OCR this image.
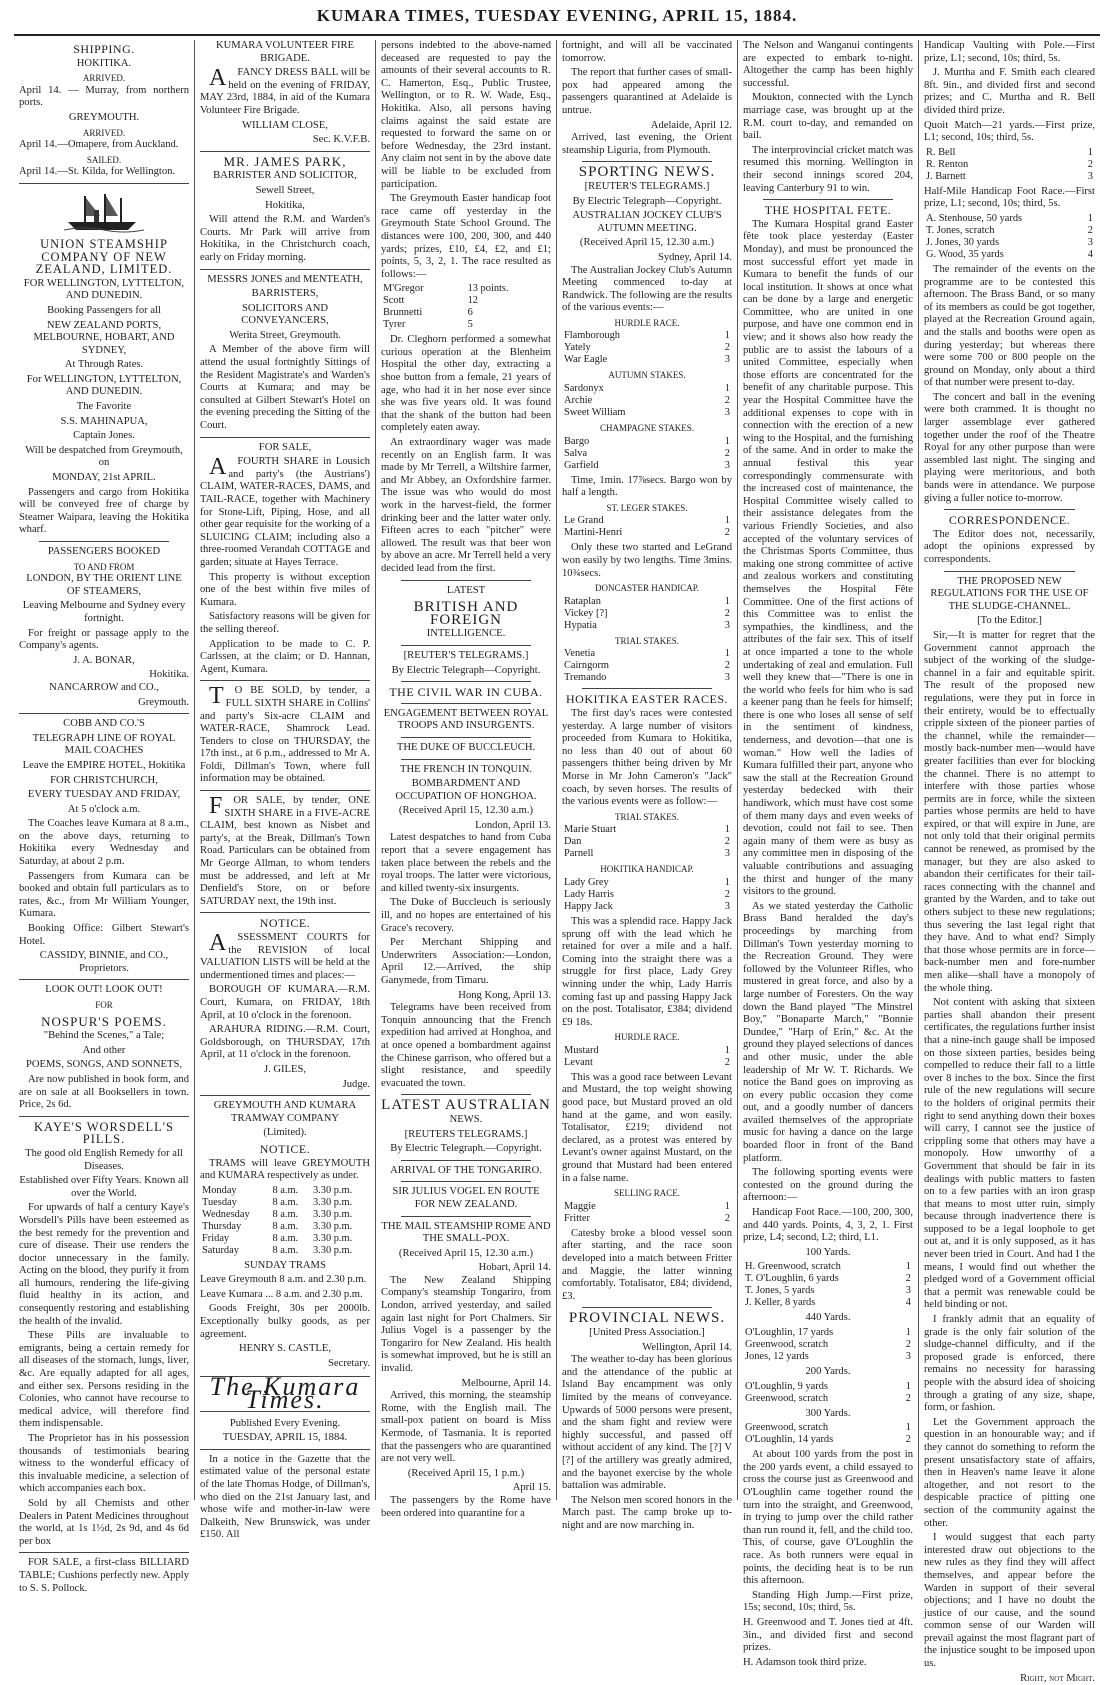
KUMARA TIMES, TUESDAY EVENING, APRIL 15, 1884.
SHIPPING.
HOKITIKA.
ARRIVED.

April 14. — Murray, from northern ports.

GREYMOUTH.
ARRIVED.

April 14.—Omapere, from Auckland.

SAILED.

April 14.—St. Kilda, for Wellington.

UNION STEAMSHIP COMPANY OF NEW ZEALAND, LIMITED.
FOR WELLINGTON, LYTTELTON, AND DUNEDIN.
Booking Passengers for all
NEW ZEALAND PORTS, MELBOURNE, HOBART, AND SYDNEY,
At Through Rates.
For WELLINGTON, LYTTELTON, AND DUNEDIN.
The Favorite
S.S. MAHINAPUA,
Captain Jones.
Will be despatched from Greymouth, on
MONDAY, 21st APRIL.

Passengers and cargo from Hokitika will be conveyed free of charge by Steamer Waipara, leaving the Hokitika wharf.

PASSENGERS BOOKED
TO AND FROM
LONDON, BY THE ORIENT LINE OF STEAMERS,
Leaving Melbourne and Sydney every fortnight.

For freight or passage apply to the Company's agents.

J. A. BONAR,
Hokitika.
NANCARROW and CO.,
Greymouth.
COBB AND CO.'S
TELEGRAPH LINE OF ROYAL MAIL COACHES
Leave the EMPIRE HOTEL, Hokitika
FOR CHRISTCHURCH,
EVERY TUESDAY AND FRIDAY,
At 5 o'clock a.m.

The Coaches leave Kumara at 8 a.m., on the above days, returning to Hokitika every Wednesday and Saturday, at about 2 p.m.

Passengers from Kumara can be booked and obtain full particulars as to rates, &c., from Mr William Younger, Kumara.

Booking Office: Gilbert Stewart's Hotel.

CASSIDY, BINNIE, and CO., Proprietors.
LOOK OUT! LOOK OUT!
FOR
NOSPUR'S POEMS.
"Behind the Scenes," a Tale;
And other
POEMS, SONGS, AND SONNETS,

Are now published in book form, and are on sale at all Booksellers in town. Price, 2s 6d.

KAYE'S WORSDELL'S PILLS.
The good old English Remedy for all Diseases.
Established over Fifty Years. Known all over the World.

For upwards of half a century Kaye's Worsdell's Pills have been esteemed as the best remedy for the prevention and cure of disease. Their use renders the doctor unnecessary in the family. Acting on the blood, they purify it from all humours, rendering the life-giving fluid healthy in its action, and consequently restoring and establishing the health of the invalid.

These Pills are invaluable to emigrants, being a certain remedy for all diseases of the stomach, lungs, liver, &c. Are equally adapted for all ages, and either sex. Persons residing in the Colonies, who cannot have recourse to medical advice, will therefore find them indispensable.

The Proprietor has in his possession thousands of testimonials bearing witness to the wonderful efficacy of this invaluable medicine, a selection of which accompanies each box.

Sold by all Chemists and other Dealers in Patent Medicines throughout the world, at 1s 1½d, 2s 9d, and 4s 6d per box

FOR SALE, a first-class BILLIARD TABLE; Cushions perfectly new. Apply to S. S. Pollock.

KUMARA VOLUNTEER FIRE BRIGADE.

AFANCY DRESS BALL will be held on the evening of FRIDAY, MAY 23rd, 1884, in aid of the Kumara Volunteer Fire Brigade.

WILLIAM CLOSE,
Sec. K.V.F.B.
MR. JAMES PARK,
BARRISTER AND SOLICITOR,
Sewell Street,
Hokitika,

Will attend the R.M. and Warden's Courts. Mr Park will arrive from Hokitika, in the Christchurch coach, early on Friday morning.

MESSRS JONES and MENTEATH,
BARRISTERS,
SOLICITORS AND CONVEYANCERS,
Werita Street, Greymouth.

A Member of the above firm will attend the usual fortnightly Sittings of the Resident Magistrate's and Warden's Courts at Kumara; and may be consulted at Gilbert Stewart's Hotel on the evening preceding the Sitting of the Court.

FOR SALE,

AFOURTH SHARE in Lousich and party's (the Austrians') CLAIM, WATER-RACES, DAMS, and TAIL-RACE, together with Machinery for Stone-Lift, Piping, Hose, and all other gear requisite for the working of a SLUICING CLAIM; including also a three-roomed Verandah COTTAGE and garden; situate at Hayes Terrace.

This property is without exception one of the best within five miles of Kumara.

Satisfactory reasons will be given for the selling thereof.

Application to be made to C. P. Carlssen, at the claim; or D. Hannan, Agent, Kumara.

TO BE SOLD, by tender, a FULL SIXTH SHARE in Collins' and party's Six-acre CLAIM and WATER-RACE, Shamrock Lead. Tenders to close on THURSDAY, the 17th inst., at 6 p.m., addressed to Mr A. Foldi, Dillman's Town, where full information may be obtained.

FOR SALE, by tender, ONE SIXTH SHARE in a FIVE-ACRE CLAIM, best known as Nisbet and party's, at the Break, Dillman's Town Road. Particulars can be obtained from Mr George Allman, to whom tenders must be addressed, and left at Mr Denfield's Store, on or before SATURDAY next, the 19th inst.

NOTICE.

ASSESSMENT COURTS for the REVISION of local VALUATION LISTS will be held at the undermentioned times and places:—

BOROUGH OF KUMARA.—R.M. Court, Kumara, on FRIDAY, 18th April, at 10 o'clock in the forenoon.

ARAHURA RIDING.—R.M. Court, Goldsborough, on THURSDAY, 17th April, at 11 o'clock in the forenoon.

J. GILES,
Judge.
GREYMOUTH AND KUMARA TRAMWAY COMPANY
(Limited).
NOTICE.

TRAMS will leave GREYMOUTH and KUMARA respectively as under.

Monday	8 a.m.	3.30 p.m.
Tuesday	8 a.m.	3.30 p.m.
Wednesday	8 a.m.	3.30 p.m.
Thursday	8 a.m.	3.30 p.m.
Friday	8 a.m.	3.30 p.m.
Saturday	8 a.m.	3.30 p.m.
SUNDAY TRAMS

Leave Greymouth 8 a.m. and 2.30 p.m.

Leave Kumara ... 8 a.m. and 2.30 p.m.

Goods Freight, 30s per 2000lb. Exceptionally bulky goods, as per agreement.

HENRY S. CASTLE,
Secretary.
The Kumara Times.
Published Every Evening.
TUESDAY, APRIL 15, 1884.

In a notice in the Gazette that the estimated value of the personal estate of the late Thomas Hodge, of Dillman's, who died on the 21st January last, and whose wife and mother-in-law were Dalkeith, New Brunswick, was under £150. All

persons indebted to the above-named deceased are requested to pay the amounts of their several accounts to R. C. Hamerton, Esq., Public Trustee, Wellington, or to R. W. Wade, Esq., Hokitika. Also, all persons having claims against the said estate are requested to forward the same on or before Wednesday, the 23rd instant. Any claim not sent in by the above date will be liable to be excluded from participation.

The Greymouth Easter handicap foot race came off yesterday in the Greymouth State School Ground. The distances were 100, 200, 300, and 440 yards; prizes, £10, £4, £2, and £1; points, 5, 3, 2, 1. The race resulted as follows:—

M'Gregor	13 points.
Scott	12
Brunnetti	6
Tyrer	5

Dr. Cleghorn performed a somewhat curious operation at the Blenheim Hospital the other day, extracting a shoe button from a female, 21 years of age, who had it in her nose ever since she was five years old. It was found that the shank of the button had been completely eaten away.

An extraordinary wager was made recently on an English farm. It was made by Mr Terrell, a Wiltshire farmer, and Mr Abbey, an Oxfordshire farmer. The issue was who would do most work in the harvest-field, the former drinking beer and the latter water only. Fifteen acres to each "pitcher" were allowed. The result was that beer won by above an acre. Mr Terrell held a very decided lead from the first.

LATEST
BRITISH AND FOREIGN
INTELLIGENCE.
[REUTER'S TELEGRAMS.]
By Electric Telegraph—Copyright.
THE CIVIL WAR IN CUBA.
ENGAGEMENT BETWEEN ROYAL TROOPS AND INSURGENTS.
THE DUKE OF BUCCLEUCH.
THE FRENCH IN TONQUIN.
BOMBARDMENT AND OCCUPATION OF HONGHOA.
(Received April 15, 12.30 a.m.)
London, April 13.

Latest despatches to hand from Cuba report that a severe engagement has taken place between the rebels and the royal troops. The latter were victorious, and killed twenty-six insurgents.

The Duke of Buccleuch is seriously ill, and no hopes are entertained of his Grace's recovery.

Per Merchant Shipping and Underwriters Association:—London, April 12.—Arrived, the ship Ganymede, from Timaru.

Hong Kong, April 13.

Telegrams have been received from Tonquin announcing that the French expedition had arrived at Honghoa, and at once opened a bombardment against the Chinese garrison, who offered but a slight resistance, and speedily evacuated the town.

LATEST AUSTRALIAN
NEWS.
[REUTERS TELEGRAMS.]
By Electric Telegraph.—Copyright.
ARRIVAL OF THE TONGARIRO.
SIR JULIUS VOGEL EN ROUTE FOR NEW ZEALAND.
THE MAIL STEAMSHIP ROME AND THE SMALL-POX.
(Received April 15, 12.30 a.m.)
Hobart, April 14.

The New Zealand Shipping Company's steamship Tongariro, from London, arrived yesterday, and sailed again last night for Port Chalmers. Sir Julius Vogel is a passenger by the Tongariro for New Zealand. His health is somewhat improved, but he is still an invalid.

Melbourne, April 14.

Arrived, this morning, the steamship Rome, with the English mail. The small-pox patient on board is Miss Kermode, of Tasmania. It is reported that the passengers who are quarantined are not very well.

(Received April 15, 1 p.m.)
April 15.

The passengers by the Rome have been ordered into quarantine for a

fortnight, and will all be vaccinated tomorrow.

The report that further cases of small-pox had appeared among the passengers quarantined at Adelaide is untrue.

Adelaide, April 12.

Arrived, last evening, the Orient steamship Liguria, from Plymouth.

SPORTING NEWS.
[REUTER'S TELEGRAMS.]
By Electric Telegraph—Copyright.
AUSTRALIAN JOCKEY CLUB'S AUTUMN MEETING.
(Received April 15, 12.30 a.m.)
Sydney, April 14.

The Australian Jockey Club's Autumn Meeting commenced to-day at Randwick. The following are the results of the various events:—

HURDLE RACE.
Flamborough	1
Yately	2
War Eagle	3
AUTUMN STAKES.
Sardonyx	1
Archie	2
Sweet William	3
CHAMPAGNE STAKES.
Bargo	1
Salva	2
Garfield	3

Time, 1min. 17⅞secs. Bargo won by half a length.

ST. LEGER STAKES.
Le Grand	1
Martini-Henri	2

Only these two started and LeGrand won easily by two lengths. Time 3mins. 10¾secs.

DONCASTER HANDICAP.
Rataplan	1
Vickey [?]	2
Hypatia	3
TRIAL STAKES.
Venetia	1
Cairngorm	2
Tremando	3
HOKITIKA EASTER RACES.

The first day's races were contested yesterday. A large number of visitors proceeded from Kumara to Hokitika, no less than 40 out of about 60 passengers thither being driven by Mr Morse in Mr John Cameron's "Jack" coach, by seven horses. The results of the various events were as follow:—

TRIAL STAKES.
Marie Stuart	1
Dan	2
Parnell	3
HOKITIKA HANDICAP.
Lady Grey	1
Lady Harris	2
Happy Jack	3

This was a splendid race. Happy Jack sprung off with the lead which he retained for over a mile and a half. Coming into the straight there was a struggle for first place, Lady Grey winning under the whip, Lady Harris coming fast up and passing Happy Jack on the post. Totalisator, £384; dividend £9 18s.

HURDLE RACE.
Mustard	1
Levant	2

This was a good race between Levant and Mustard, the top weight showing good pace, but Mustard proved an old hand at the game, and won easily. Totalisator, £219; dividend not declared, as a protest was entered by Levant's owner against Mustard, on the ground that Mustard had been entered in a false name.

SELLING RACE.
Maggie	1
Fritter	2

Catesby broke a blood vessel soon after starting, and the race soon developed into a match between Fritter and Maggie, the latter winning comfortably. Totalisator, £84; dividend, £3.

PROVINCIAL NEWS.
[United Press Association.]
Wellington, April 14.

The weather to-day has been glorious and the attendance of the public at Island Bay encampment was only limited by the means of conveyance. Upwards of 5000 persons were present, and the sham fight and review were highly successful, and passed off without accident of any kind. The [?] V [?] of the artillery was greatly admired, and the bayonet exercise by the whole battalion was admirable.

The Nelson men scored honors in the March past. The camp broke up to-night and are now marching in.

The Nelson and Wanganui contingents are expected to embark to-night. Altogether the camp has been highly successful.

Moukton, connected with the Lynch marriage case, was brought up at the R.M. court to-day, and remanded on bail.

The interprovincial cricket match was resumed this morning. Wellington in their second innings scored 204, leaving Canterbury 91 to win.

THE HOSPITAL FETE.

The Kumara Hospital grand Easter fête took place yesterday (Easter Monday), and must be pronounced the most successful effort yet made in Kumara to benefit the funds of our local institution. It shows at once what can be done by a large and energetic Committee, who are united in one purpose, and have one common end in view; and it shows also how ready the public are to assist the labours of a united Committee, especially when those efforts are concentrated for the benefit of any charitable purpose. This year the Hospital Committee have the additional expenses to cope with in connection with the erection of a new wing to the Hospital, and the furnishing of the same. And in order to make the annual festival this year correspondingly commensurate with the increased cost of maintenance, the Hospital Committee wisely called to their assistance delegates from the various Friendly Societies, and also accepted of the voluntary services of the Christmas Sports Committee, thus making one strong committee of active and zealous workers and constituting themselves the Hospital Fête Committee. One of the first actions of this Committee was to enlist the sympathies, the kindliness, and the attributes of the fair sex. This of itself at once imparted a tone to the whole undertaking of zeal and emulation. Full well they knew that—"There is one in the world who feels for him who is sad a keener pang than he feels for himself; there is one who loses all sense of self in the sentiment of kindness, tenderness, and devotion—that one is woman." How well the ladies of Kumara fulfilled their part, anyone who saw the stall at the Recreation Ground yesterday bedecked with their handiwork, which must have cost some of them many days and even weeks of devotion, could not fail to see. Then again many of them were as busy as any committee men in disposing of the valuable contributions and assuaging the thirst and hunger of the many visitors to the ground.

As we stated yesterday the Catholic Brass Band heralded the day's proceedings by marching from Dillman's Town yesterday morning to the Recreation Ground. They were followed by the Volunteer Rifles, who mustered in great force, and also by a large number of Foresters. On the way down the Band played "The Minstrel Boy," "Bonaparte March," "Bonnie Dundee," "Harp of Erin," &c. At the ground they played selections of dances and other music, under the able leadership of Mr W. T. Richards. We notice the Band goes on improving as on every public occasion they come out, and a goodly number of dancers availed themselves of the appropriate music for having a dance on the large boarded floor in front of the Band platform.

The following sporting events were contested on the ground during the afternoon:—

Handicap Foot Race.—100, 200, 300, and 440 yards. Points, 4, 3, 2, 1. First prize, L4; second, L2; third, L1.

100 Yards.
H. Greenwood, scratch	1
T. O'Loughlin, 6 yards	2
T. Jones, 5 yards	3
J. Keller, 8 yards	4
440 Yards.
O'Loughlin, 17 yards	1
Greenwood, scratch	2
Jones, 12 yards	3
200 Yards.
O'Loughlin, 9 yards	1
Greenwood, scratch	2
300 Yards.
Greenwood, scratch	1
O'Loughlin, 14 yards	2

At about 100 yards from the post in the 200 yards event, a child essayed to cross the course just as Greenwood and O'Loughlin came together round the turn into the straight, and Greenwood, in trying to jump over the child rather than run round it, fell, and the child too. This, of course, gave O'Loughlin the race. As both runners were equal in points, the deciding heat is to be run this afternoon.

Standing High Jump.—First prize, 15s; second, 10s; third, 5s.

H. Greenwood and T. Jones tied at 4ft. 3in., and divided first and second prizes.

H. Adamson took third prize.

Handicap Vaulting with Pole.—First prize, L1; second, 10s; third, 5s.

J. Murtha and F. Smith each cleared 8ft. 9in., and divided first and second prizes; and C. Murtha and R. Bell divided third prize.

Quoit Match—21 yards.—First prize, L1; second, 10s; third, 5s.

R. Bell	1
R. Renton	2
J. Barnett	3

Half-Mile Handicap Foot Race.—First prize, L1; second, 10s; third, 5s.

A. Stenhouse, 50 yards	1
T. Jones, scratch	2
J. Jones, 30 yards	3
G. Wood, 35 yards	4

The remainder of the events on the programme are to be contested this afternoon. The Brass Band, or so many of its members as could be got together, played at the Recreation Ground again, and the stalls and booths were open as during yesterday; but whereas there were some 700 or 800 people on the ground on Monday, only about a third of that number were present to-day.

The concert and ball in the evening were both crammed. It is thought no larger assemblage ever gathered together under the roof of the Theatre Royal for any other purpose than were assembled last night. The singing and playing were meritorious, and both bands were in attendance. We purpose giving a fuller notice to-morrow.

CORRESPONDENCE.

The Editor does not, necessarily, adopt the opinions expressed by correspondents.

THE PROPOSED NEW REGULATIONS FOR THE USE OF THE SLUDGE-CHANNEL.
[To the Editor.]

Sir,—It is matter for regret that the Government cannot approach the subject of the working of the sludge-channel in a fair and equitable spirit. The result of the proposed new regulations, were they put in force in their entirety, would be to effectually cripple sixteen of the pioneer parties of the channel, while the remainder—mostly back-number men—would have greater facilities than ever for blocking the channel. There is no attempt to interfere with those parties whose permits are in force, while the sixteen parties whose permits are held to have expired, or that will expire in June, are not only told that their original permits cannot be renewed, as promised by the manager, but they are also asked to abandon their certificates for their tail-races connecting with the channel and granted by the Warden, and to take out others subject to these new regulations; thus severing the last legal right that they have. And to what end? Simply that those whose permits are in force—back-number men and fore-number men alike—shall have a monopoly of the whole thing.

Not content with asking that sixteen parties shall abandon their present certificates, the regulations further insist that a nine-inch gauge shall be imposed on those sixteen parties, besides being compelled to reduce their fall to a little over 8 inches to the box. Since the first rule of the new regulations will secure to the holders of original permits their right to send anything down their boxes will carry, I cannot see the justice of crippling some that others may have a monopoly. How unworthy of a Government that should be fair in its dealings with public matters to fasten on to a few parties with an iron grasp that means to most utter ruin, simply because through inadvertence there is supposed to be a legal loophole to get out at, and it is only supposed, as it has never been tried in Court. And had I the means, I would find out whether the pledged word of a Government official that a permit was renewable could be held binding or not.

I frankly admit that an equality of grade is the only fair solution of the sludge-channel difficulty, and if the proposed grade is enforced, there remains no necessity for harassing people with the absurd idea of shoicing through a grating of any size, shape, form, or fashion.

Let the Government approach the question in an honourable way; and if they cannot do something to reform the present unsatisfactory state of affairs, then in Heaven's name leave it alone altogether, and not resort to the despicable practice of pitting one section of the community against the other.

I would suggest that each party interested draw out objections to the new rules as they find they will affect themselves, and appear before the Warden in support of their several objections; and I have no doubt the justice of our cause, and the sound common sense of our Warden will prevail against the most flagrant part of the injustice sought to be imposed upon us.

Right, not Might.
